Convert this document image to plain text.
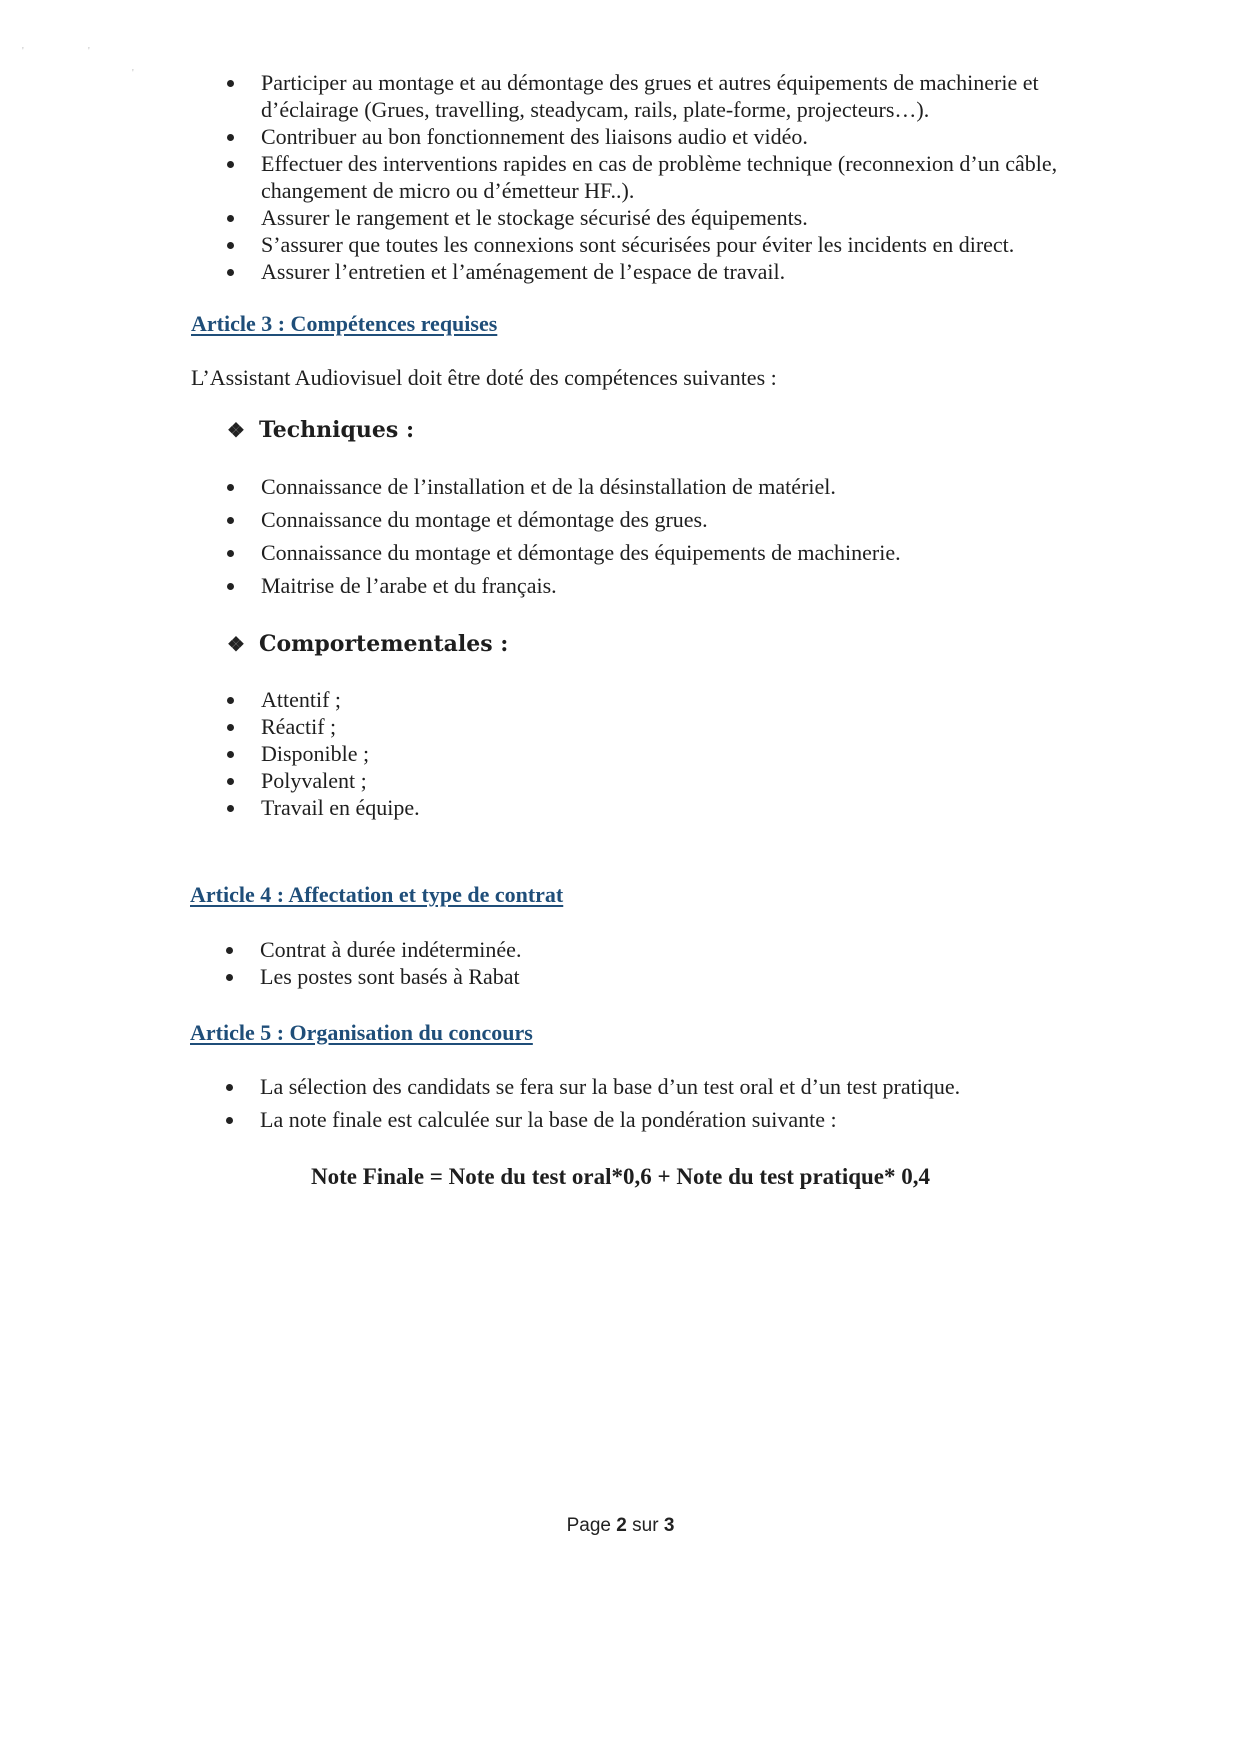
'	'
'	Participer au montage et au démontage des grues et autres équipements de machinerie et d’éclairage (Grues, travelling, steadycam, rails, plate-forme, projecteurs…).
Contribuer au bon fonctionnement des liaisons audio et vidéo.
Effectuer des interventions rapides en cas de problème technique (reconnexion d’un câble, changement de micro ou d’émetteur HF..).
Assurer le rangement et le stockage sécurisé des équipements.
S’assurer que toutes les connexions sont sécurisées pour éviter les incidents en direct.
Assurer l’entretien et l’aménagement de l’espace de travail.
Article 3 : Compétences requises
L’Assistant Audiovisuel doit être doté des compétences suivantes :
❖ Techniques :
Connaissance de l’installation et de la désinstallation de matériel.
Connaissance du montage et démontage des grues.
Connaissance du montage et démontage des équipements de machinerie.
Maitrise de l’arabe et du français.
❖ Comportementales :
Attentif ;
Réactif ;
Disponible ;
Polyvalent ;
Travail en équipe.
Article 4 : Affectation et type de contrat
Contrat à durée indéterminée.
Les postes sont basés à Rabat
Article 5 : Organisation du concours
La sélection des candidats se fera sur la base d’un test oral et d’un test pratique.
La note finale est calculée sur la base de la pondération suivante :
Note Finale = Note du test oral*0,6 + Note du test pratique* 0,4
Page 2 sur 3
